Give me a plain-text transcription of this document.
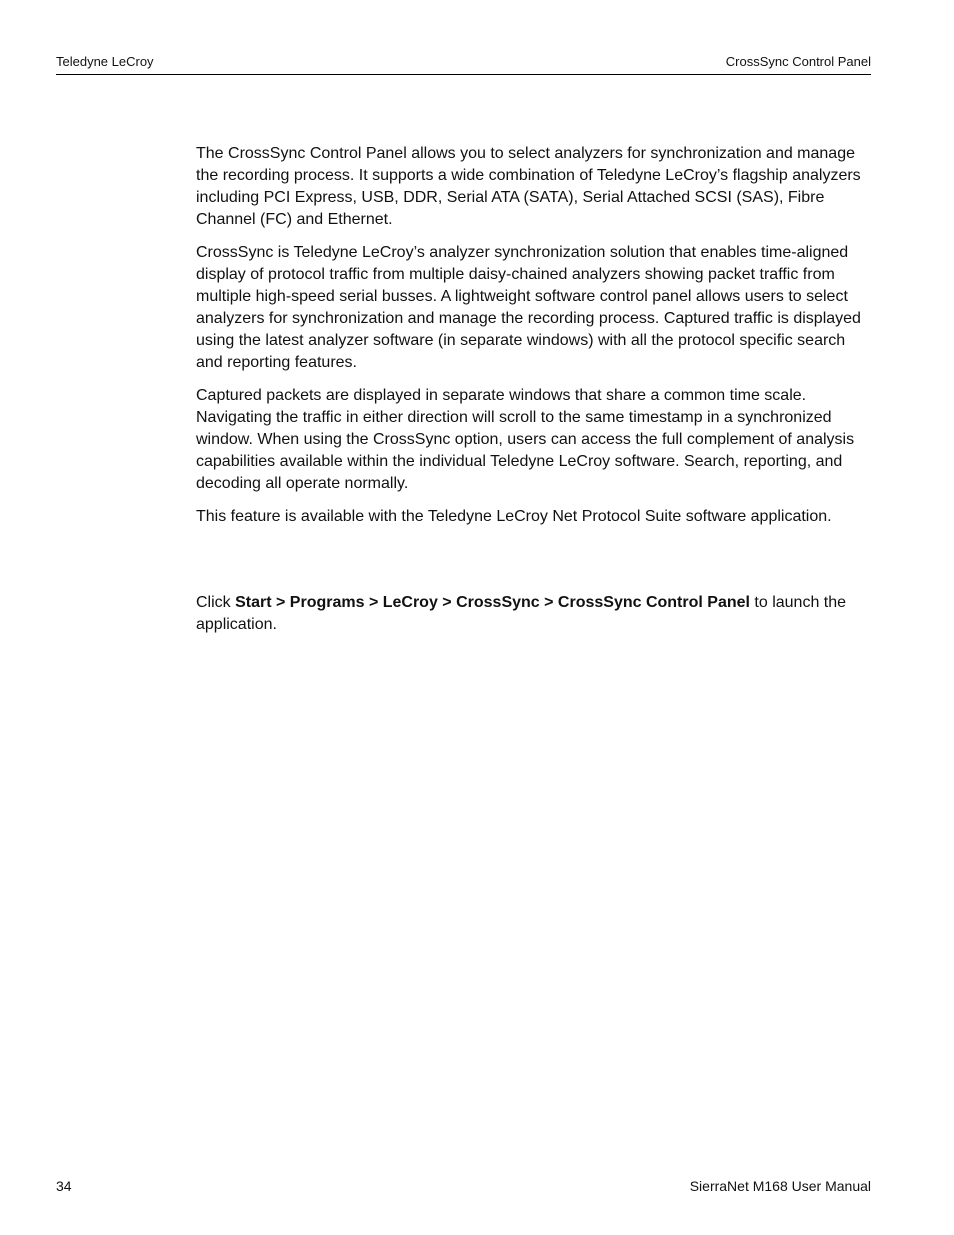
Teledyne LeCroy	CrossSync Control Panel

The CrossSync Control Panel allows you to select analyzers for synchronization and manage the recording process. It supports a wide combination of Teledyne LeCroy’s flagship analyzers including PCI Express, USB, DDR, Serial ATA (SATA), Serial Attached SCSI (SAS), Fibre Channel (FC) and Ethernet.

CrossSync is Teledyne LeCroy’s analyzer synchronization solution that enables time-aligned display of protocol traffic from multiple daisy-chained analyzers showing packet traffic from multiple high-speed serial busses. A lightweight software control panel allows users to select analyzers for synchronization and manage the recording process. Captured traffic is displayed using the latest analyzer software (in separate windows) with all the protocol specific search and reporting features.

Captured packets are displayed in separate windows that share a common time scale. Navigating the traffic in either direction will scroll to the same timestamp in a synchronized window. When using the CrossSync option, users can access the full complement of analysis capabilities available within the individual Teledyne LeCroy software. Search, reporting, and decoding all operate normally.

This feature is available with the Teledyne LeCroy Net Protocol Suite software application.

Click Start > Programs > LeCroy > CrossSync > CrossSync Control Panel to launch the application.

34	SierraNet M168 User Manual
